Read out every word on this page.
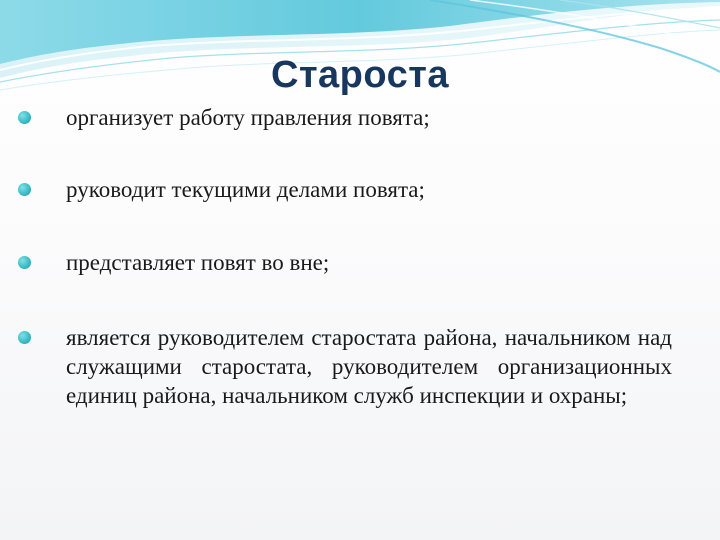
Староста
организует работу правления повята;
руководит текущими делами повята;
представляет повят во вне;
является руководителем старостата района, начальником над служащими старостата, руководителем организационных единиц района, начальником служб инспекции и охраны;
